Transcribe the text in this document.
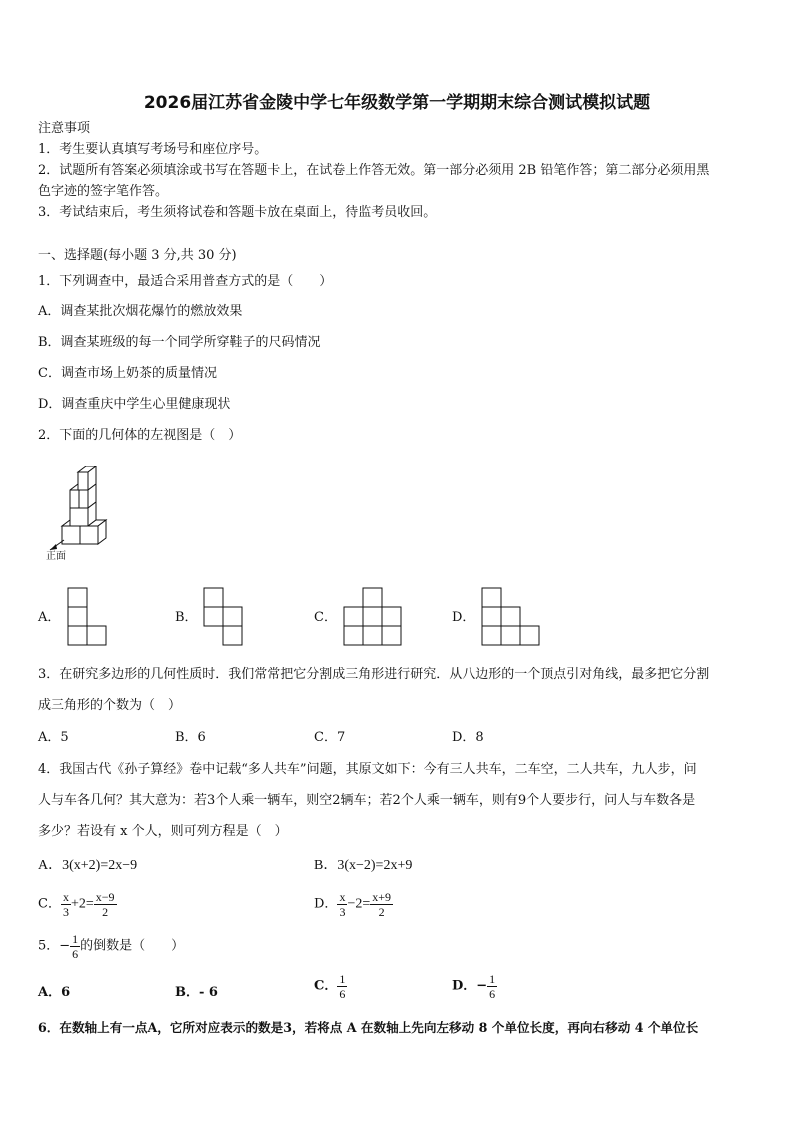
2026届江苏省金陵中学七年级数学第一学期期末综合测试模拟试题
注意事项
1．考生要认真填写考场号和座位序号。
2．试题所有答案必须填涂或书写在答题卡上，在试卷上作答无效。第一部分必须用 2B 铅笔作答；第二部分必须用黑
色字迹的签字笔作答。
3．考试结束后，考生须将试卷和答题卡放在桌面上，待监考员收回。
一、选择题(每小题 3 分,共 30 分)
1．下列调查中，最适合采用普查方式的是（　　）
A．调查某批次烟花爆竹的燃放效果
B．调查某班级的每一个同学所穿鞋子的尺码情况
C．调查市场上奶茶的质量情况
D．调查重庆中学生心里健康现状
2．下面的几何体的左视图是（　）
正面
A．	B．	C．	D．
3．在研究多边形的几何性质时．我们常常把它分割成三角形进行研究．从八边形的一个顶点引对角线，最多把它分割
成三角形的个数为（　）
A．5	B．6	C．7	D．8
4．我国古代《孙子算经》卷中记载“多人共车”问题，其原文如下：今有三人共车，二车空，二人共车，九人步，问
人与车各几何？其大意为：若3个人乘一辆车，则空2辆车；若2个人乘一辆车，则有9个人要步行，问人与车数各是
多少？若设有 x 个人，则可列方程是（　）
A．3(x+2)=2x−9	B．3(x−2)=2x+9
C． $\frac{x}{3} +2= \frac{x-9}{2}$	D． $\frac{x}{3} -2= \frac{x+9}{2}$
5．− $\frac{1}{6}$ 的倒数是（　　）
A．6	B．- 6	C． $\frac{1}{6}$	D．− $\frac{1}{6}$
6．在数轴上有一点A，它所对应表示的数是3，若将点 A 在数轴上先向左移动 8 个单位长度，再向右移动 4 个单位长
